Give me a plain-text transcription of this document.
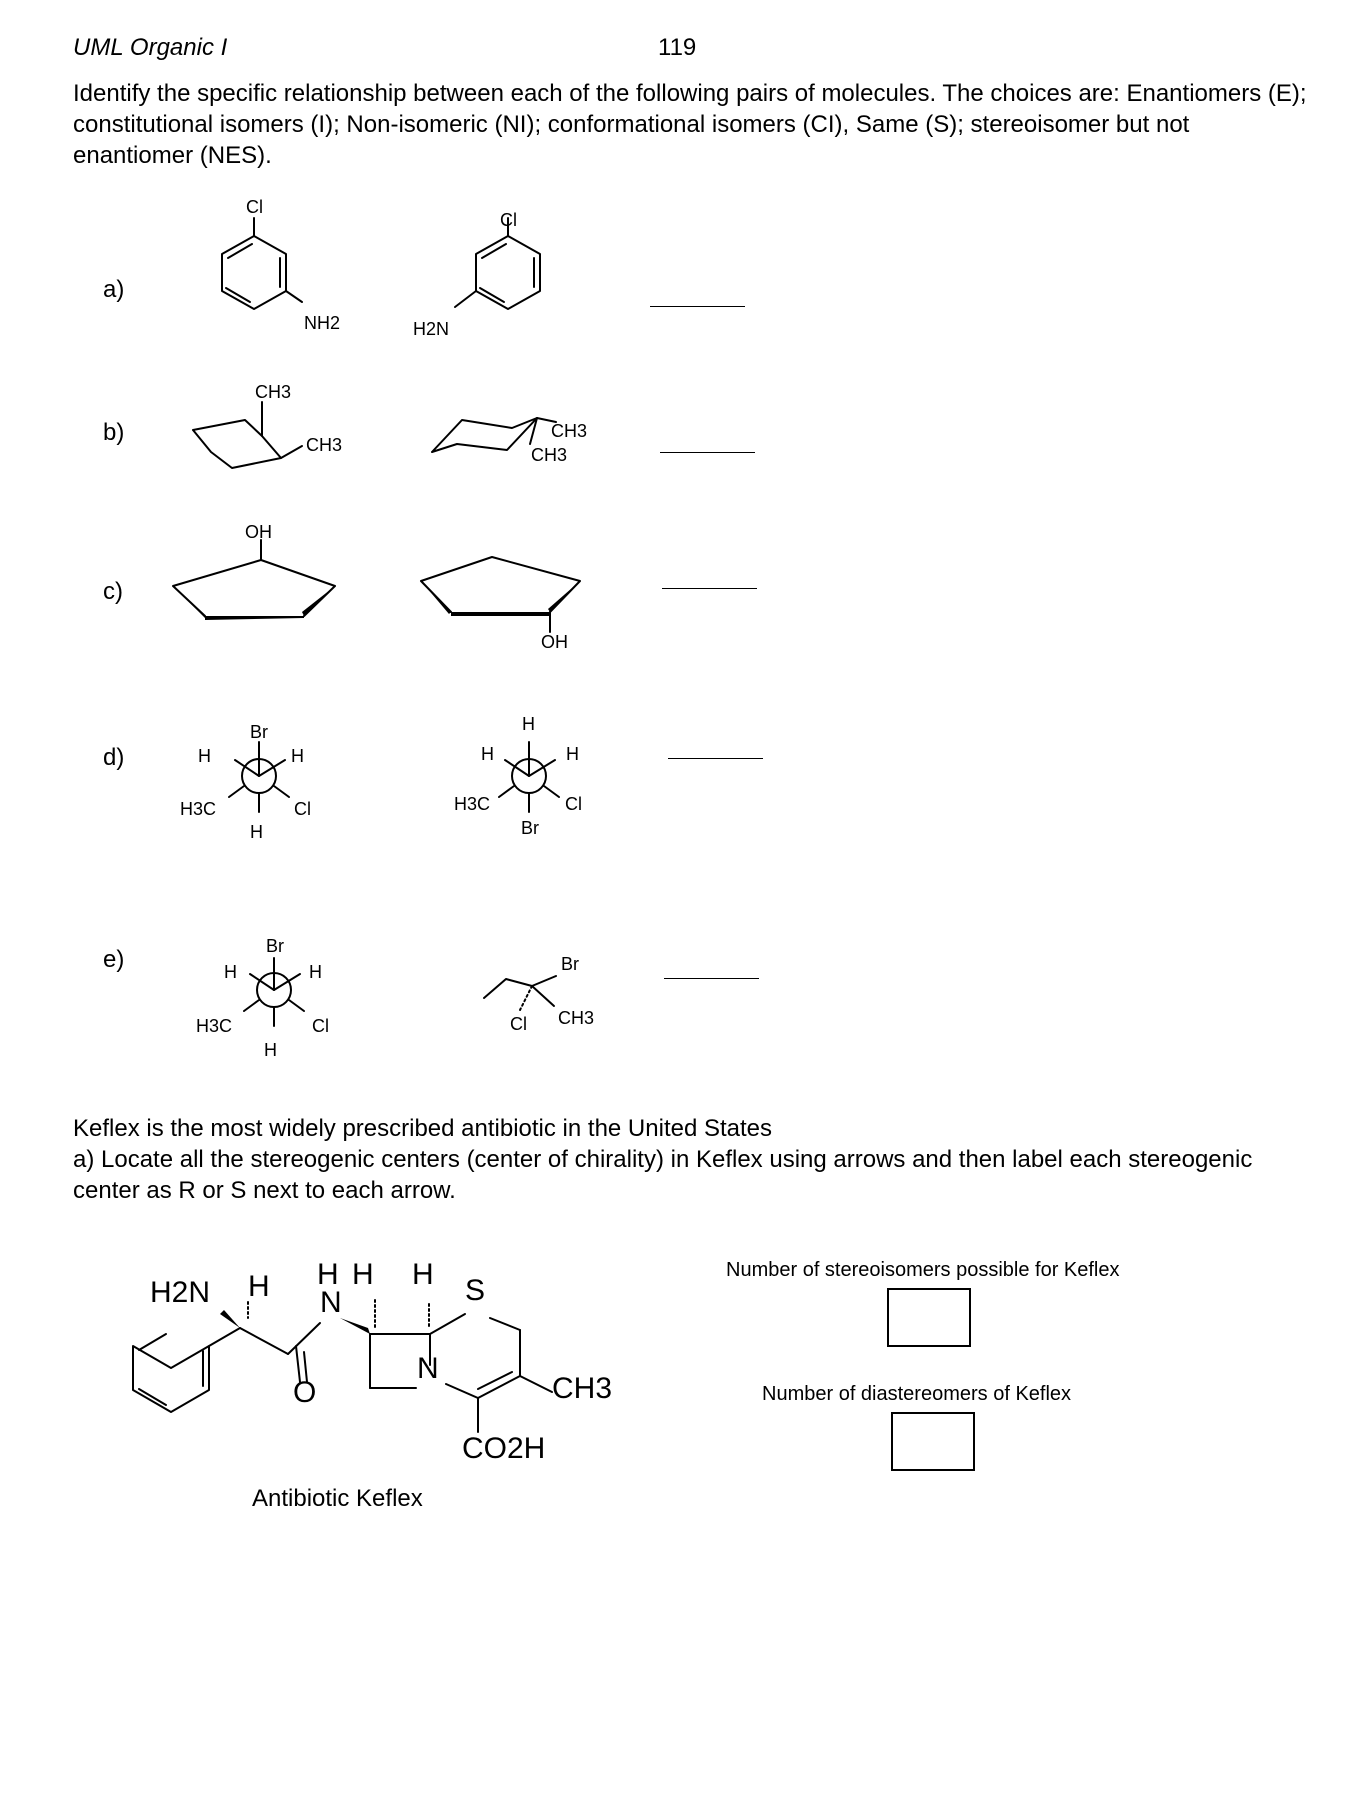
UML Organic I	119
Identify the specific relationship between each of the following pairs of molecules. The choices are: Enantiomers (E); constitutional isomers (I); Non-isomeric (NI); conformational isomers (CI), Same (S); stereoisomer but not enantiomer (NES).
a)
b)
c)
d)
e)
Keflex is the most widely prescribed antibiotic in the United States
a) Locate all the stereogenic centers (center of chirality) in Keflex using arrows and then label each stereogenic center as R or S next to each arrow.
Number of stereoisomers possible for Keflex
Number of diastereomers of Keflex
Cl
NH2
Cl
H2N
CH3
CH3
CH3
CH3
OH
OH
Br
H	H
H3C	Cl
H
H
H	H
H3C	Cl
Br
Br
H	H
H3C	Cl
H
Br
Cl CH3
H2N H H H H
N	S
N
O	CH3
CO2H
Antibiotic Keflex
